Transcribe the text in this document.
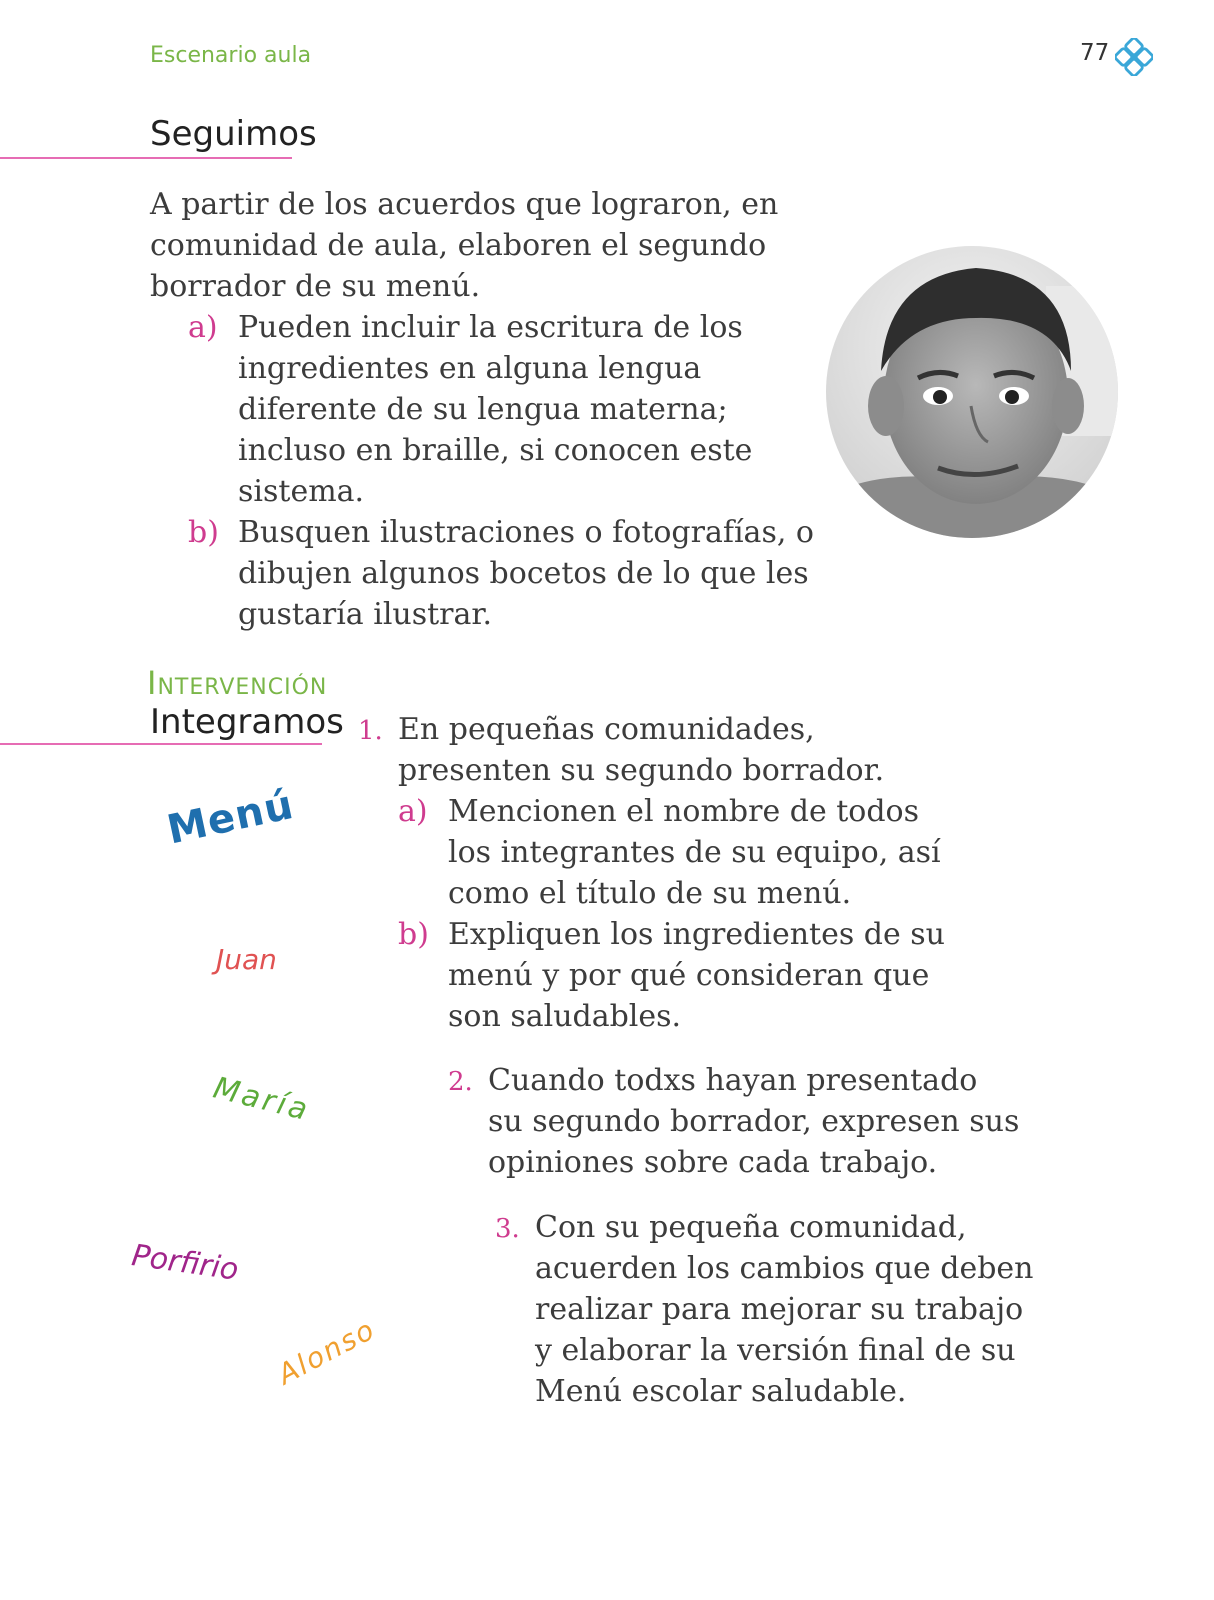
Escenario aula	77
Seguimos
A partir de los acuerdos que lograron, en
comunidad de aula, elaboren el segundo
borrador de su menú.
a) Pueden incluir la escritura de los
ingredientes en alguna lengua
diferente de su lengua materna;
incluso en braille, si conocen este
sistema.
b) Busquen ilustraciones o fotografías, o
dibujen algunos bocetos de lo que les
gustaría ilustrar.
Intervención
Integramos 1. En pequeñas comunidades,
presenten su segundo borrador.
a) Mencionen el nombre de todos
los integrantes de su equipo, así
como el título de su menú.
b) Expliquen los ingredientes de su
menú y por qué consideran que
son saludables.
2. Cuando todxs hayan presentado
su segundo borrador, expresen sus
opiniones sobre cada trabajo.
3. Con su pequeña comunidad,
acuerden los cambios que deben
realizar para mejorar su trabajo
y elaborar la versión final de su
Menú escolar saludable.
Menú
Juan
María
Porfirio
Alonso
